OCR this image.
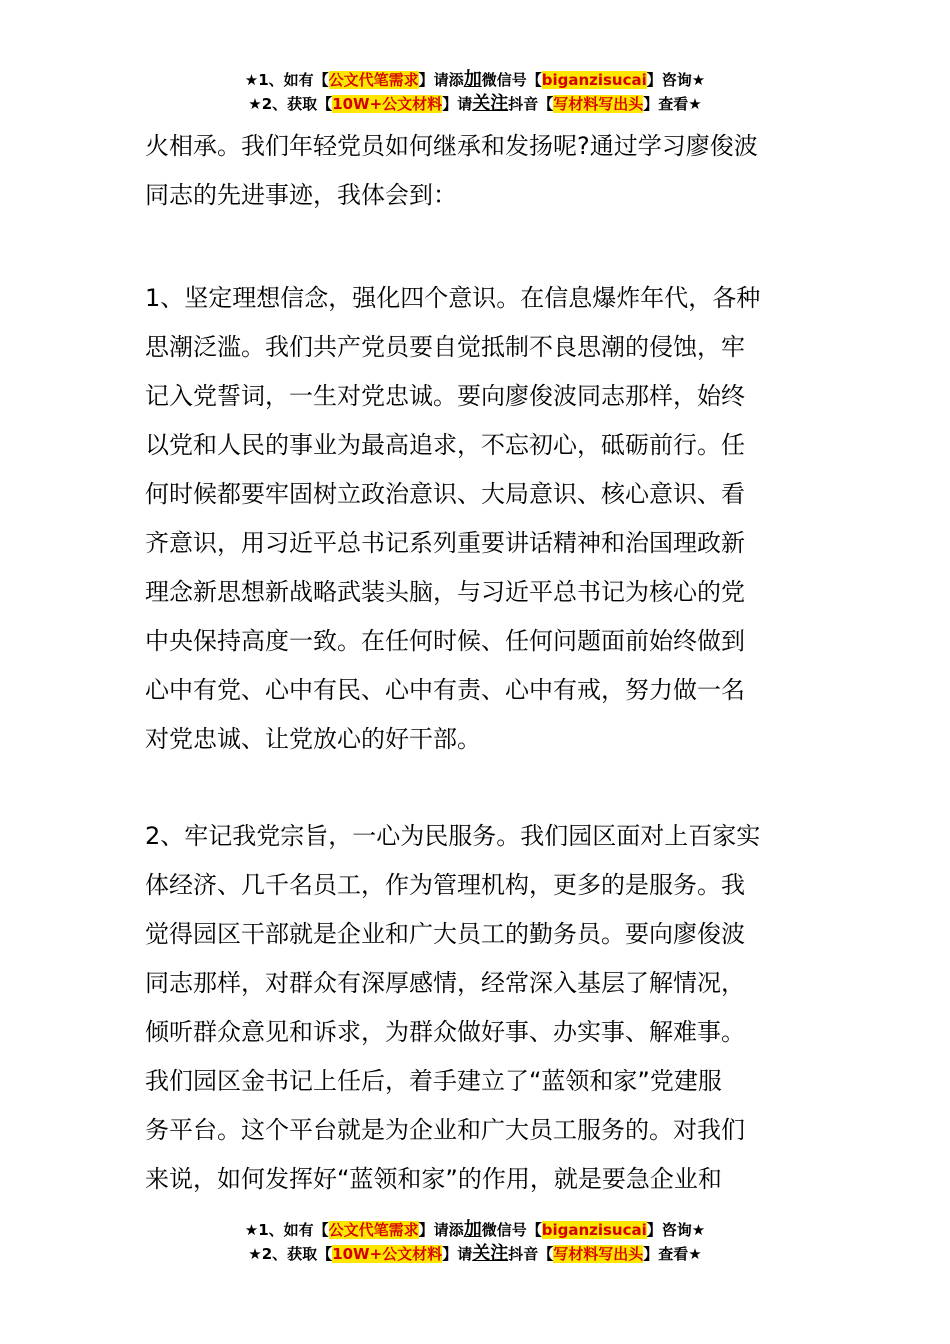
★1、如有【公文代笔需求】请添加微信号【biganzisucai】咨询★
★2、获取【10W+公文材料】请关注抖音【写材料写出头】查看★

火相承。我们年轻党员如何继承和发扬呢?通过学习廖俊波

同志的先进事迹，我体会到：

1、坚定理想信念，强化四个意识。在信息爆炸年代，各种

思潮泛滥。我们共产党员要自觉抵制不良思潮的侵蚀，牢

记入党誓词，一生对党忠诚。要向廖俊波同志那样，始终

以党和人民的事业为最高追求，不忘初心，砥砺前行。任

何时候都要牢固树立政治意识、大局意识、核心意识、看

齐意识，用习近平总书记系列重要讲话精神和治国理政新

理念新思想新战略武装头脑，与习近平总书记为核心的党

中央保持高度一致。在任何时候、任何问题面前始终做到

心中有党、心中有民、心中有责、心中有戒，努力做一名

对党忠诚、让党放心的好干部。

2、牢记我党宗旨，一心为民服务。我们园区面对上百家实

体经济、几千名员工，作为管理机构，更多的是服务。我

觉得园区干部就是企业和广大员工的勤务员。要向廖俊波

同志那样，对群众有深厚感情，经常深入基层了解情况，

倾听群众意见和诉求，为群众做好事、办实事、解难事。

我们园区金书记上任后，着手建立了“蓝领和家”党建服

务平台。这个平台就是为企业和广大员工服务的。对我们

来说，如何发挥好“蓝领和家”的作用，就是要急企业和

★1、如有【公文代笔需求】请添加微信号【biganzisucai】咨询★
★2、获取【10W+公文材料】请关注抖音【写材料写出头】查看★
